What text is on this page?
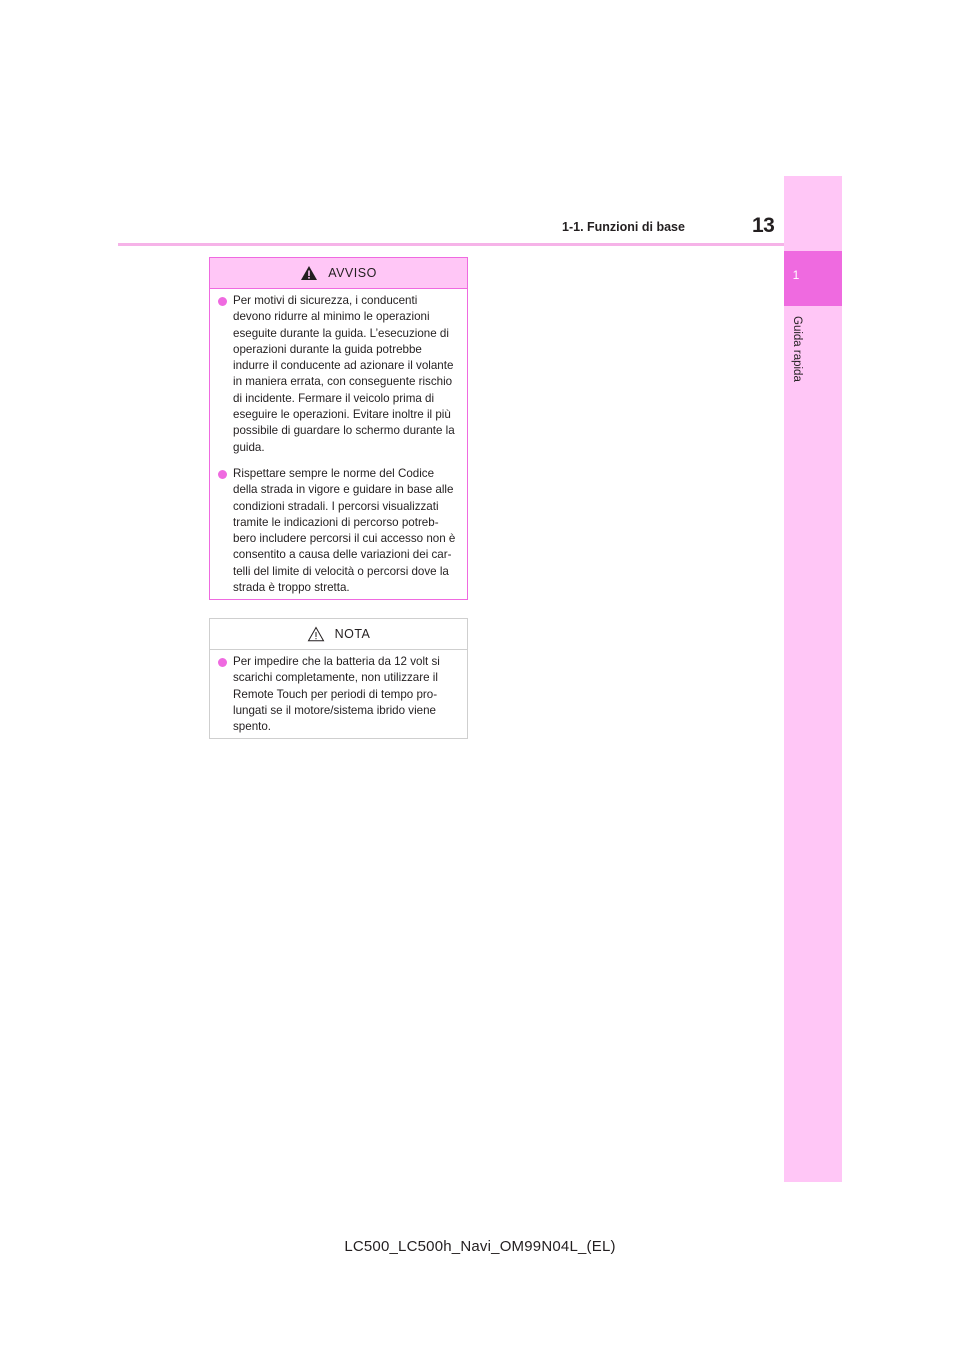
13
1-1. Funzioni di base
1
Guida rapida
AVVISO
Per motivi di sicurezza, i conducenti
devono ridurre al minimo le operazioni
eseguite durante la guida. L’esecuzione di
operazioni durante la guida potrebbe
indurre il conducente ad azionare il volante
in maniera errata, con conseguente rischio
di incidente. Fermare il veicolo prima di
eseguire le operazioni. Evitare inoltre il più
possibile di guardare lo schermo durante la
guida.
Rispettare sempre le norme del Codice
della strada in vigore e guidare in base alle
condizioni stradali. I percorsi visualizzati
tramite le indicazioni di percorso potreb-
bero includere percorsi il cui accesso non è
consentito a causa delle variazioni dei car-
telli del limite di velocità o percorsi dove la
strada è troppo stretta.
NOTA
Per impedire che la batteria da 12 volt si
scarichi completamente, non utilizzare il
Remote Touch per periodi di tempo pro-
lungati se il motore/sistema ibrido viene
spento.
LC500_LC500h_Navi_OM99N04L_(EL)
